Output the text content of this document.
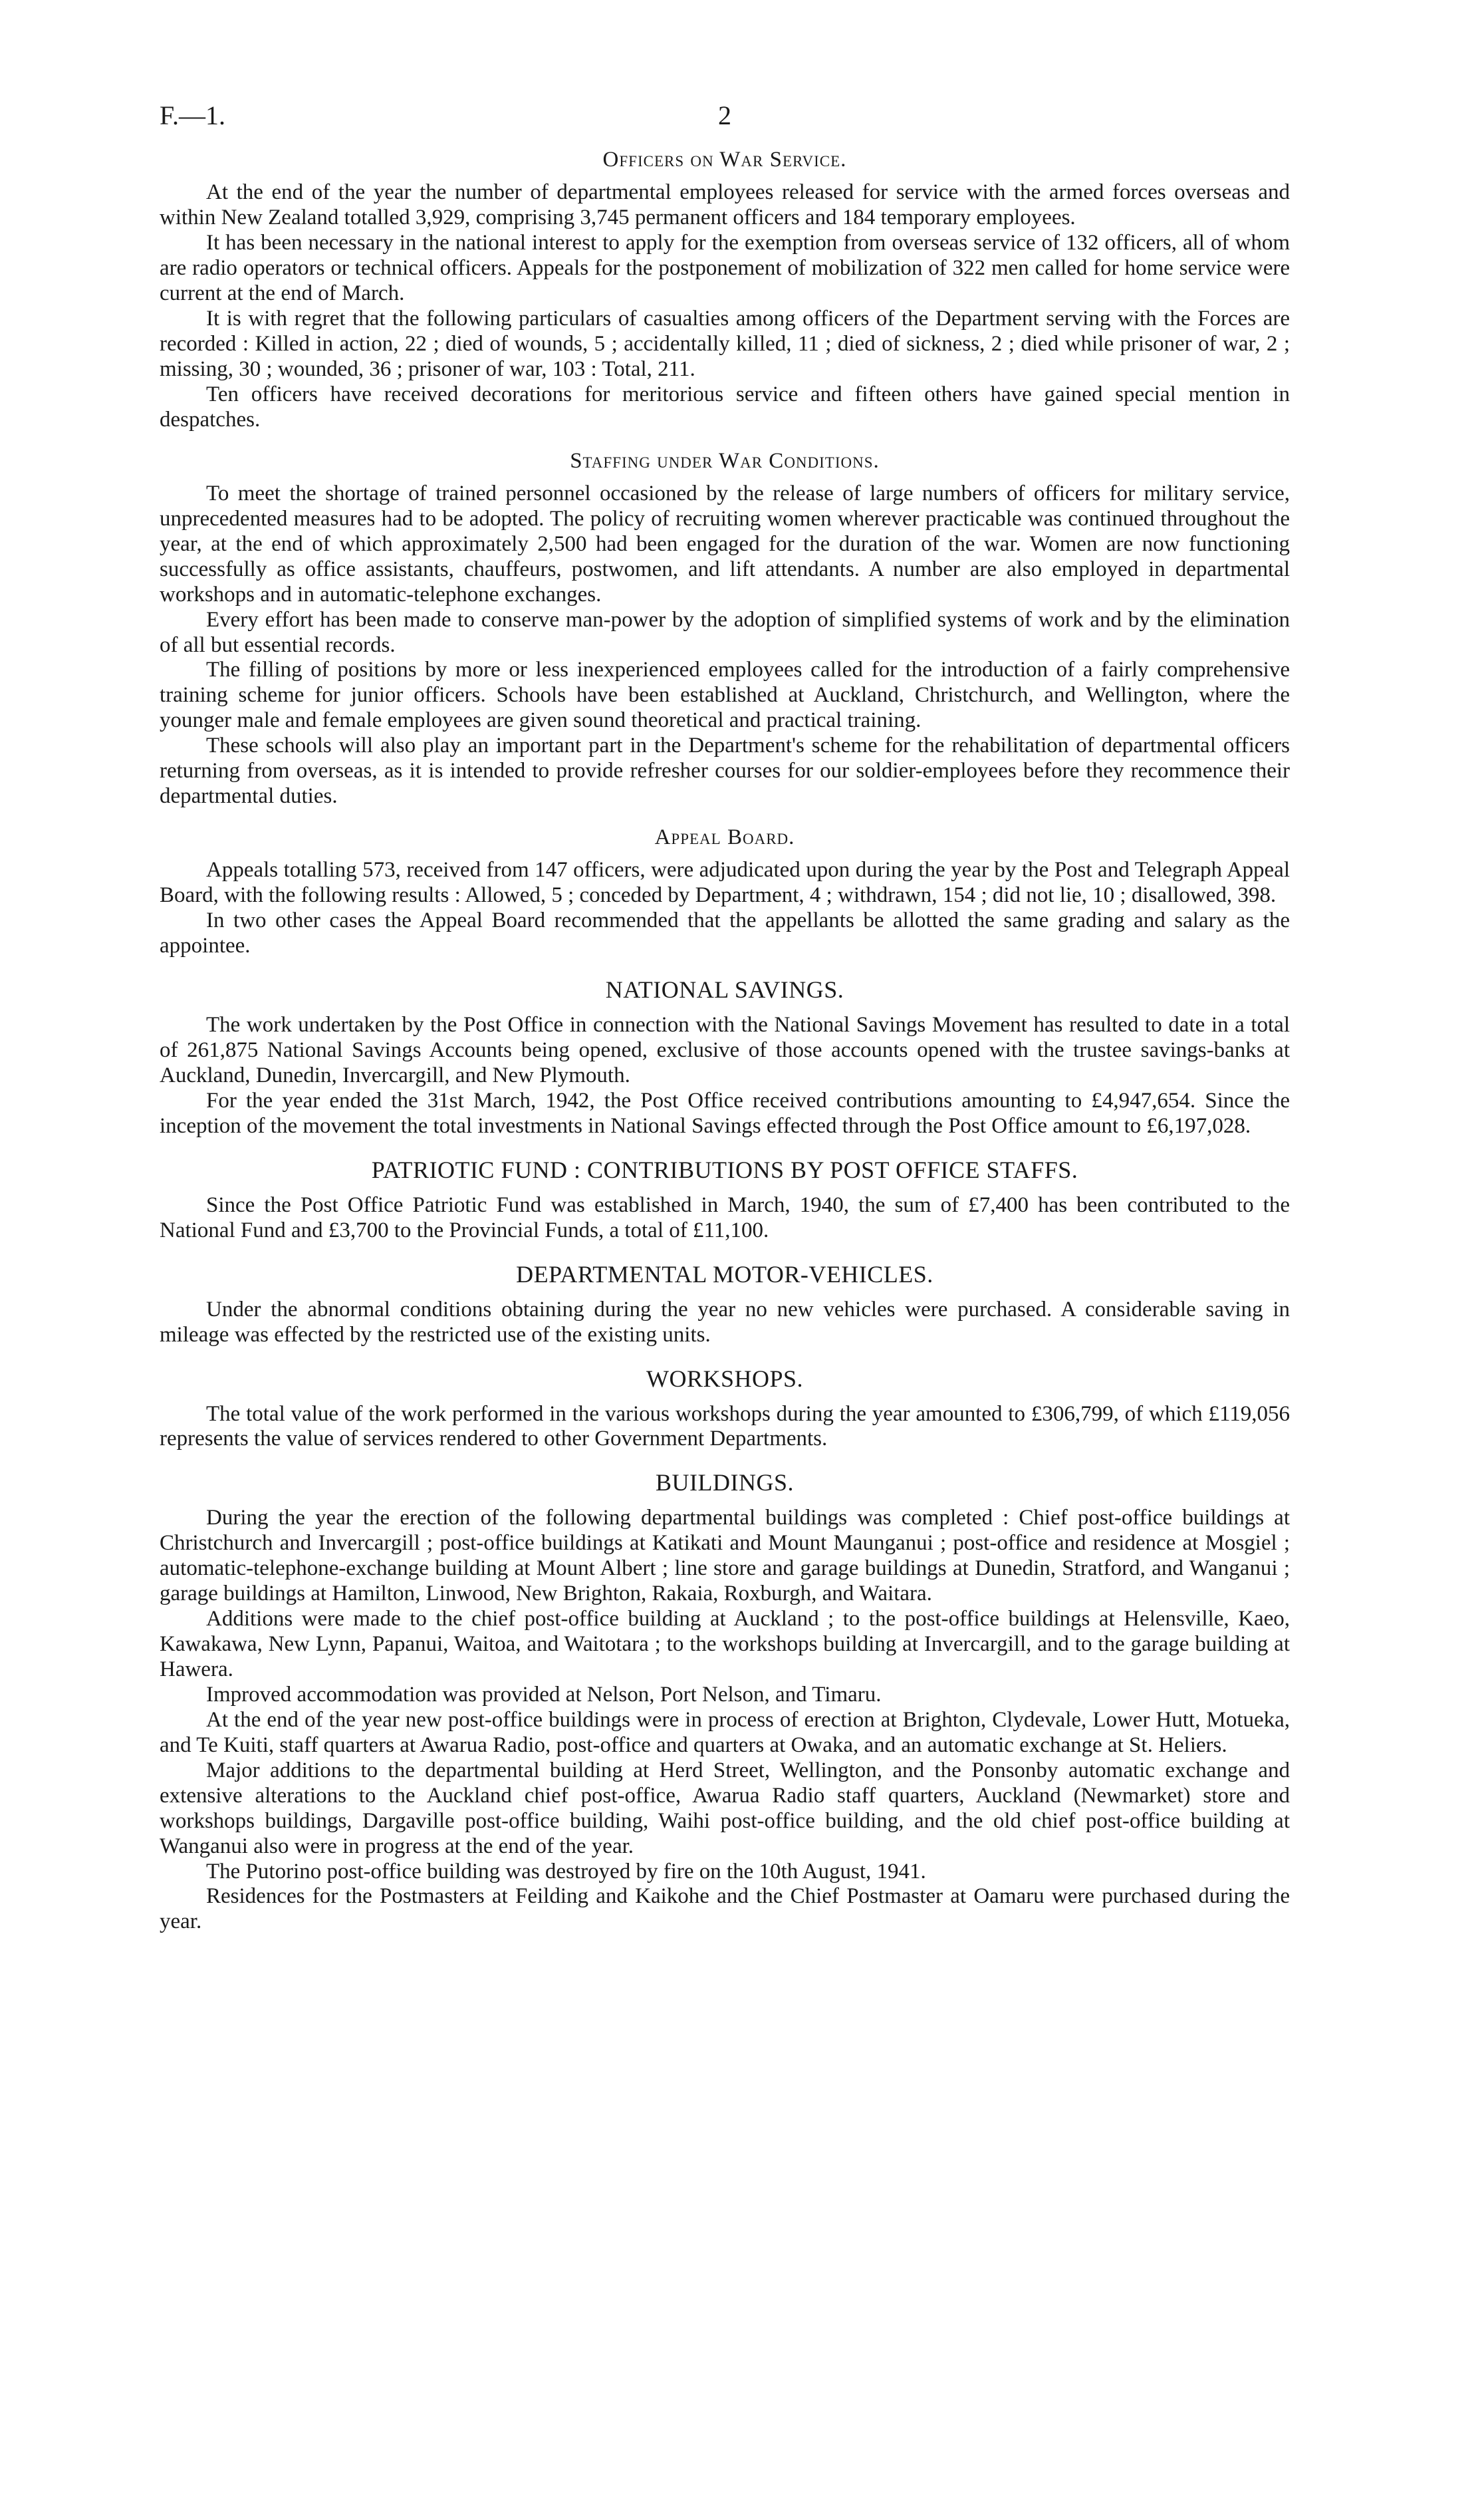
F.—1.	2
Officers on War Service.

At the end of the year the number of departmental employees released for service with the armed forces overseas and within New Zealand totalled 3,929, comprising 3,745 permanent officers and 184 temporary employees.

It has been necessary in the national interest to apply for the exemption from overseas service of 132 officers, all of whom are radio operators or technical officers. Appeals for the postponement of mobilization of 322 men called for home service were current at the end of March.

It is with regret that the following particulars of casualties among officers of the Department serving with the Forces are recorded : Killed in action, 22 ; died of wounds, 5 ; accidentally killed, 11 ; died of sickness, 2 ; died while prisoner of war, 2 ; missing, 30 ; wounded, 36 ; prisoner of war, 103 : Total, 211.

Ten officers have received decorations for meritorious service and fifteen others have gained special mention in despatches.

Staffing under War Conditions.

To meet the shortage of trained personnel occasioned by the release of large numbers of officers for military service, unprecedented measures had to be adopted. The policy of recruiting women wherever practicable was continued throughout the year, at the end of which approximately 2,500 had been engaged for the duration of the war. Women are now functioning successfully as office assistants, chauffeurs, postwomen, and lift attendants. A number are also employed in departmental workshops and in automatic-telephone exchanges.

Every effort has been made to conserve man-power by the adoption of simplified systems of work and by the elimination of all but essential records.

The filling of positions by more or less inexperienced employees called for the introduction of a fairly comprehensive training scheme for junior officers. Schools have been established at Auckland, Christchurch, and Wellington, where the younger male and female employees are given sound theoretical and practical training.

These schools will also play an important part in the Department's scheme for the rehabilitation of departmental officers returning from overseas, as it is intended to provide refresher courses for our soldier-employees before they recommence their departmental duties.

Appeal Board.

Appeals totalling 573, received from 147 officers, were adjudicated upon during the year by the Post and Telegraph Appeal Board, with the following results : Allowed, 5 ; conceded by Department, 4 ; withdrawn, 154 ; did not lie, 10 ; disallowed, 398.

In two other cases the Appeal Board recommended that the appellants be allotted the same grading and salary as the appointee.

NATIONAL SAVINGS.

The work undertaken by the Post Office in connection with the National Savings Movement has resulted to date in a total of 261,875 National Savings Accounts being opened, exclusive of those accounts opened with the trustee savings-banks at Auckland, Dunedin, Invercargill, and New Plymouth.

For the year ended the 31st March, 1942, the Post Office received contributions amounting to £4,947,654. Since the inception of the movement the total investments in National Savings effected through the Post Office amount to £6,197,028.

PATRIOTIC FUND : CONTRIBUTIONS BY POST OFFICE STAFFS.

Since the Post Office Patriotic Fund was established in March, 1940, the sum of £7,400 has been contributed to the National Fund and £3,700 to the Provincial Funds, a total of £11,100.

DEPARTMENTAL MOTOR-VEHICLES.

Under the abnormal conditions obtaining during the year no new vehicles were purchased. A considerable saving in mileage was effected by the restricted use of the existing units.

WORKSHOPS.

The total value of the work performed in the various workshops during the year amounted to £306,799, of which £119,056 represents the value of services rendered to other Government Departments.

BUILDINGS.

During the year the erection of the following departmental buildings was completed : Chief post-office buildings at Christchurch and Invercargill ; post-office buildings at Katikati and Mount Maunganui ; post-office and residence at Mosgiel ; automatic-telephone-exchange building at Mount Albert ; line store and garage buildings at Dunedin, Stratford, and Wanganui ; garage buildings at Hamilton, Linwood, New Brighton, Rakaia, Roxburgh, and Waitara.

Additions were made to the chief post-office building at Auckland ; to the post-office buildings at Helensville, Kaeo, Kawakawa, New Lynn, Papanui, Waitoa, and Waitotara ; to the workshops building at Invercargill, and to the garage building at Hawera.

Improved accommodation was provided at Nelson, Port Nelson, and Timaru.

At the end of the year new post-office buildings were in process of erection at Brighton, Clydevale, Lower Hutt, Motueka, and Te Kuiti, staff quarters at Awarua Radio, post-office and quarters at Owaka, and an automatic exchange at St. Heliers.

Major additions to the departmental building at Herd Street, Wellington, and the Ponsonby automatic exchange and extensive alterations to the Auckland chief post-office, Awarua Radio staff quarters, Auckland (Newmarket) store and workshops buildings, Dargaville post-office building, Waihi post-office building, and the old chief post-office building at Wanganui also were in progress at the end of the year.

The Putorino post-office building was destroyed by fire on the 10th August, 1941.

Residences for the Postmasters at Feilding and Kaikohe and the Chief Postmaster at Oamaru were purchased during the year.
